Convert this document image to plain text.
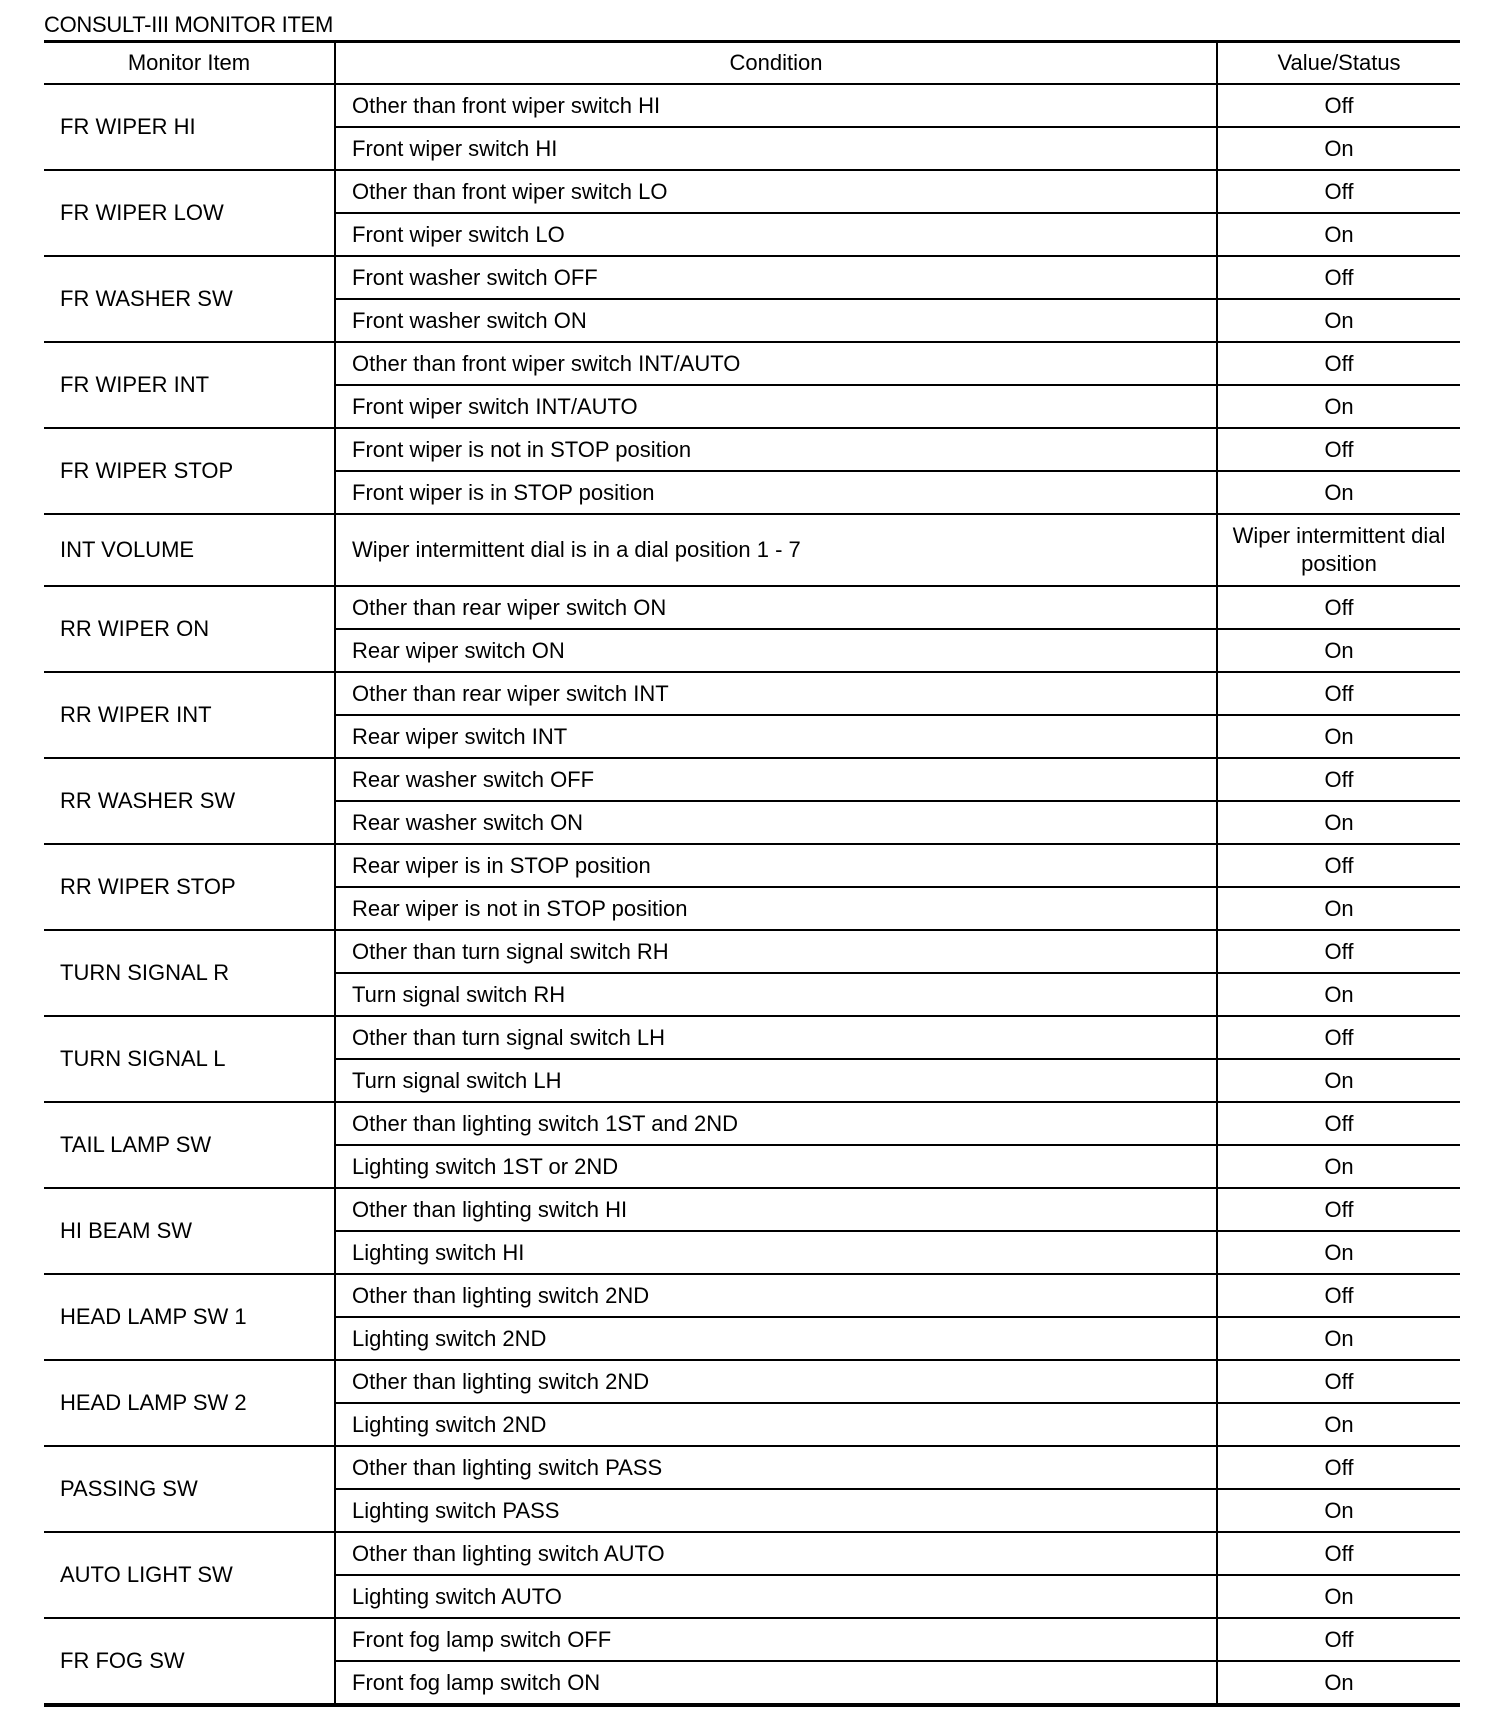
CONSULT-III MONITOR ITEM
Monitor Item	Condition	Value/Status
FR WIPER HI	Other than front wiper switch HI	Off
	Front wiper switch HI	On
FR WIPER LOW	Other than front wiper switch LO	Off
	Front wiper switch LO	On
FR WASHER SW	Front washer switch OFF	Off
	Front washer switch ON	On
FR WIPER INT	Other than front wiper switch INT/AUTO	Off
	Front wiper switch INT/AUTO	On
FR WIPER STOP	Front wiper is not in STOP position	Off
	Front wiper is in STOP position	On
INT VOLUME	Wiper intermittent dial is in a dial position 1 - 7	Wiper intermittent dial position
RR WIPER ON	Other than rear wiper switch ON	Off
	Rear wiper switch ON	On
RR WIPER INT	Other than rear wiper switch INT	Off
	Rear wiper switch INT	On
RR WASHER SW	Rear washer switch OFF	Off
	Rear washer switch ON	On
RR WIPER STOP	Rear wiper is in STOP position	Off
	Rear wiper is not in STOP position	On
TURN SIGNAL R	Other than turn signal switch RH	Off
	Turn signal switch RH	On
TURN SIGNAL L	Other than turn signal switch LH	Off
	Turn signal switch LH	On
TAIL LAMP SW	Other than lighting switch 1ST and 2ND	Off
	Lighting switch 1ST or 2ND	On
HI BEAM SW	Other than lighting switch HI	Off
	Lighting switch HI	On
HEAD LAMP SW 1	Other than lighting switch 2ND	Off
	Lighting switch 2ND	On
HEAD LAMP SW 2	Other than lighting switch 2ND	Off
	Lighting switch 2ND	On
PASSING SW	Other than lighting switch PASS	Off
	Lighting switch PASS	On
AUTO LIGHT SW	Other than lighting switch AUTO	Off
	Lighting switch AUTO	On
FR FOG SW	Front fog lamp switch OFF	Off
	Front fog lamp switch ON	On
